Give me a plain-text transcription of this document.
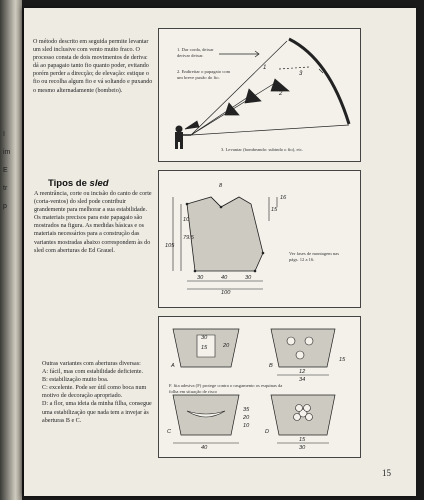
I
im
E
tr
p
O método descrito em seguida permite levantar um sled inclusive com vento muito fraco. O processo consta de dois movimentos de deriva: dá ao papagaio tanto fio quanto poder, evitando porém perder a direcção; de elevação: estique o fio ou recolha algum fio e vá soltando e puxando o mesmo alternadamente (bombeio).
1
2
3
1. Dar corda, deixar derivar deixar.
2. Endireitar o papagaio com um breve puxão do fio.
3. Levantar (bombeando: subindo o fio), etc.
Tipos de sled
A reentrância, corte ou incisão do canto de corte (corta-ventos) do sled pode contribuir grandemente para melhorar a sua estabilidade. Os materiais precisos para este papagaio são mostrados na figura. As medidas básicas e os materiais necessários para a construção das variantes mostradas abaixo correspondem às do sled com aberturas de Ed Grauel.
8
16
15
10
79.5
105
30	40	30
100
Ver fases de montagem nas págs. 12 a 16.
A	B
C	D
30
15	20
12
34
15
35
20
10
40
15
30
F. fita adesiva (F) protege contra o rasgamento os esquinas da folha em situação de risco
Outras variantes com aberturas diversas:
A: fácil, mas com estabilidade deficiente.
B: estabilização muito boa.
C: excelente. Pode ser útil como boca num motivo de decoração apropriado.
D: a flor, uma ideia da minha filha, consegue uma estabilização que nada tem a invejar às aberturas B e C.
15
